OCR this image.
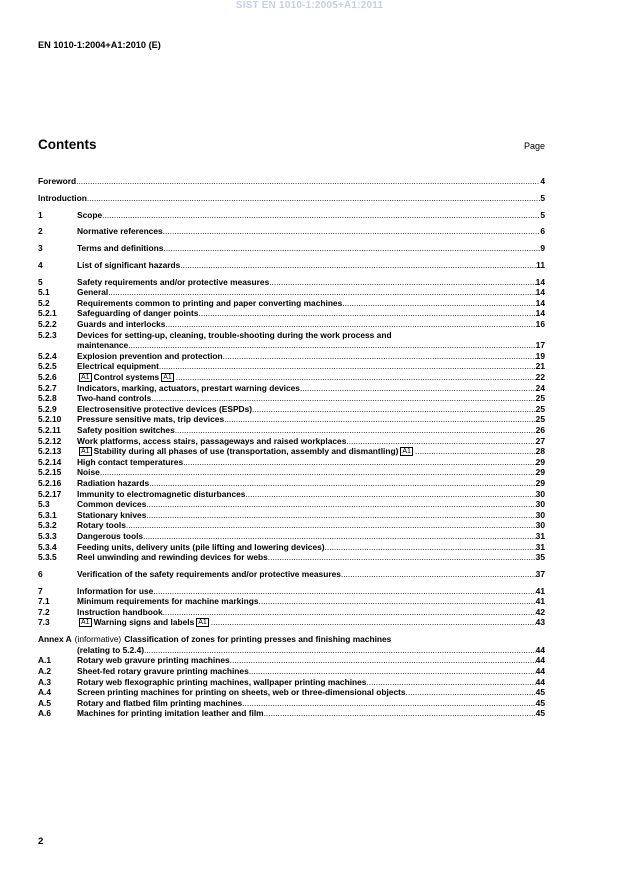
SIST EN 1010-1:2005+A1:2011
EN 1010-1:2004+A1:2010 (E)
Contents	Page
Foreword .....	4
Introduction .....	5
1	Scope .....	5
2	Normative references .....	6
3	Terms and definitions .....	9
4	List of significant hazards .....	11
5	Safety requirements and/or protective measures .....	14
5.1	General .....	14
5.2	Requirements common to printing and paper converting machines .....	14
5.2.1	Safeguarding of danger points .....	14
5.2.2	Guards and interlocks .....	16
5.2.3	Devices for setting-up, cleaning, trouble-shooting during the work process and
maintenance .....	17
5.2.4	Explosion prevention and protection .....	19
5.2.5	Electrical equipment .....	21
5.2.6	A1 Control systems A1 .....	22
5.2.7	Indicators, marking, actuators, prestart warning devices .....	24
5.2.8	Two-hand controls .....	25
5.2.9	Electrosensitive protective devices (ESPDs) .....	25
5.2.10	Pressure sensitive mats, trip devices .....	25
5.2.11	Safety position switches .....	26
5.2.12	Work platforms, access stairs, passageways and raised workplaces .....	27
5.2.13	A1 Stability during all phases of use (transportation, assembly and dismantling) A1 .....	28
5.2.14	High contact temperatures .....	29
5.2.15	Noise .....	29
5.2.16	Radiation hazards .....	29
5.2.17	Immunity to electromagnetic disturbances .....	30
5.3	Common devices .....	30
5.3.1	Stationary knives .....	30
5.3.2	Rotary tools .....	30
5.3.3	Dangerous tools .....	31
5.3.4	Feeding units, delivery units (pile lifting and lowering devices) .....	31
5.3.5	Reel unwinding and rewinding devices for webs .....	35
6	Verification of the safety requirements and/or protective measures .....	37
7	Information for use .....	41
7.1	Minimum requirements for machine markings .....	41
7.2	Instruction handbook .....	42
7.3	A1 Warning signs and labels A1 .....	43
Annex A (informative) Classification of zones for printing presses and finishing machines
(relating to 5.2.4) .....	44
A.1	Rotary web gravure printing machines .....	44
A.2	Sheet-fed rotary gravure printing machines .....	44
A.3	Rotary web flexographic printing machines, wallpaper printing machines .....	44
A.4	Screen printing machines for printing on sheets, web or three-dimensional objects .....	45
A.5	Rotary and flatbed film printing machines .....	45
A.6	Machines for printing imitation leather and film .....	45
2
